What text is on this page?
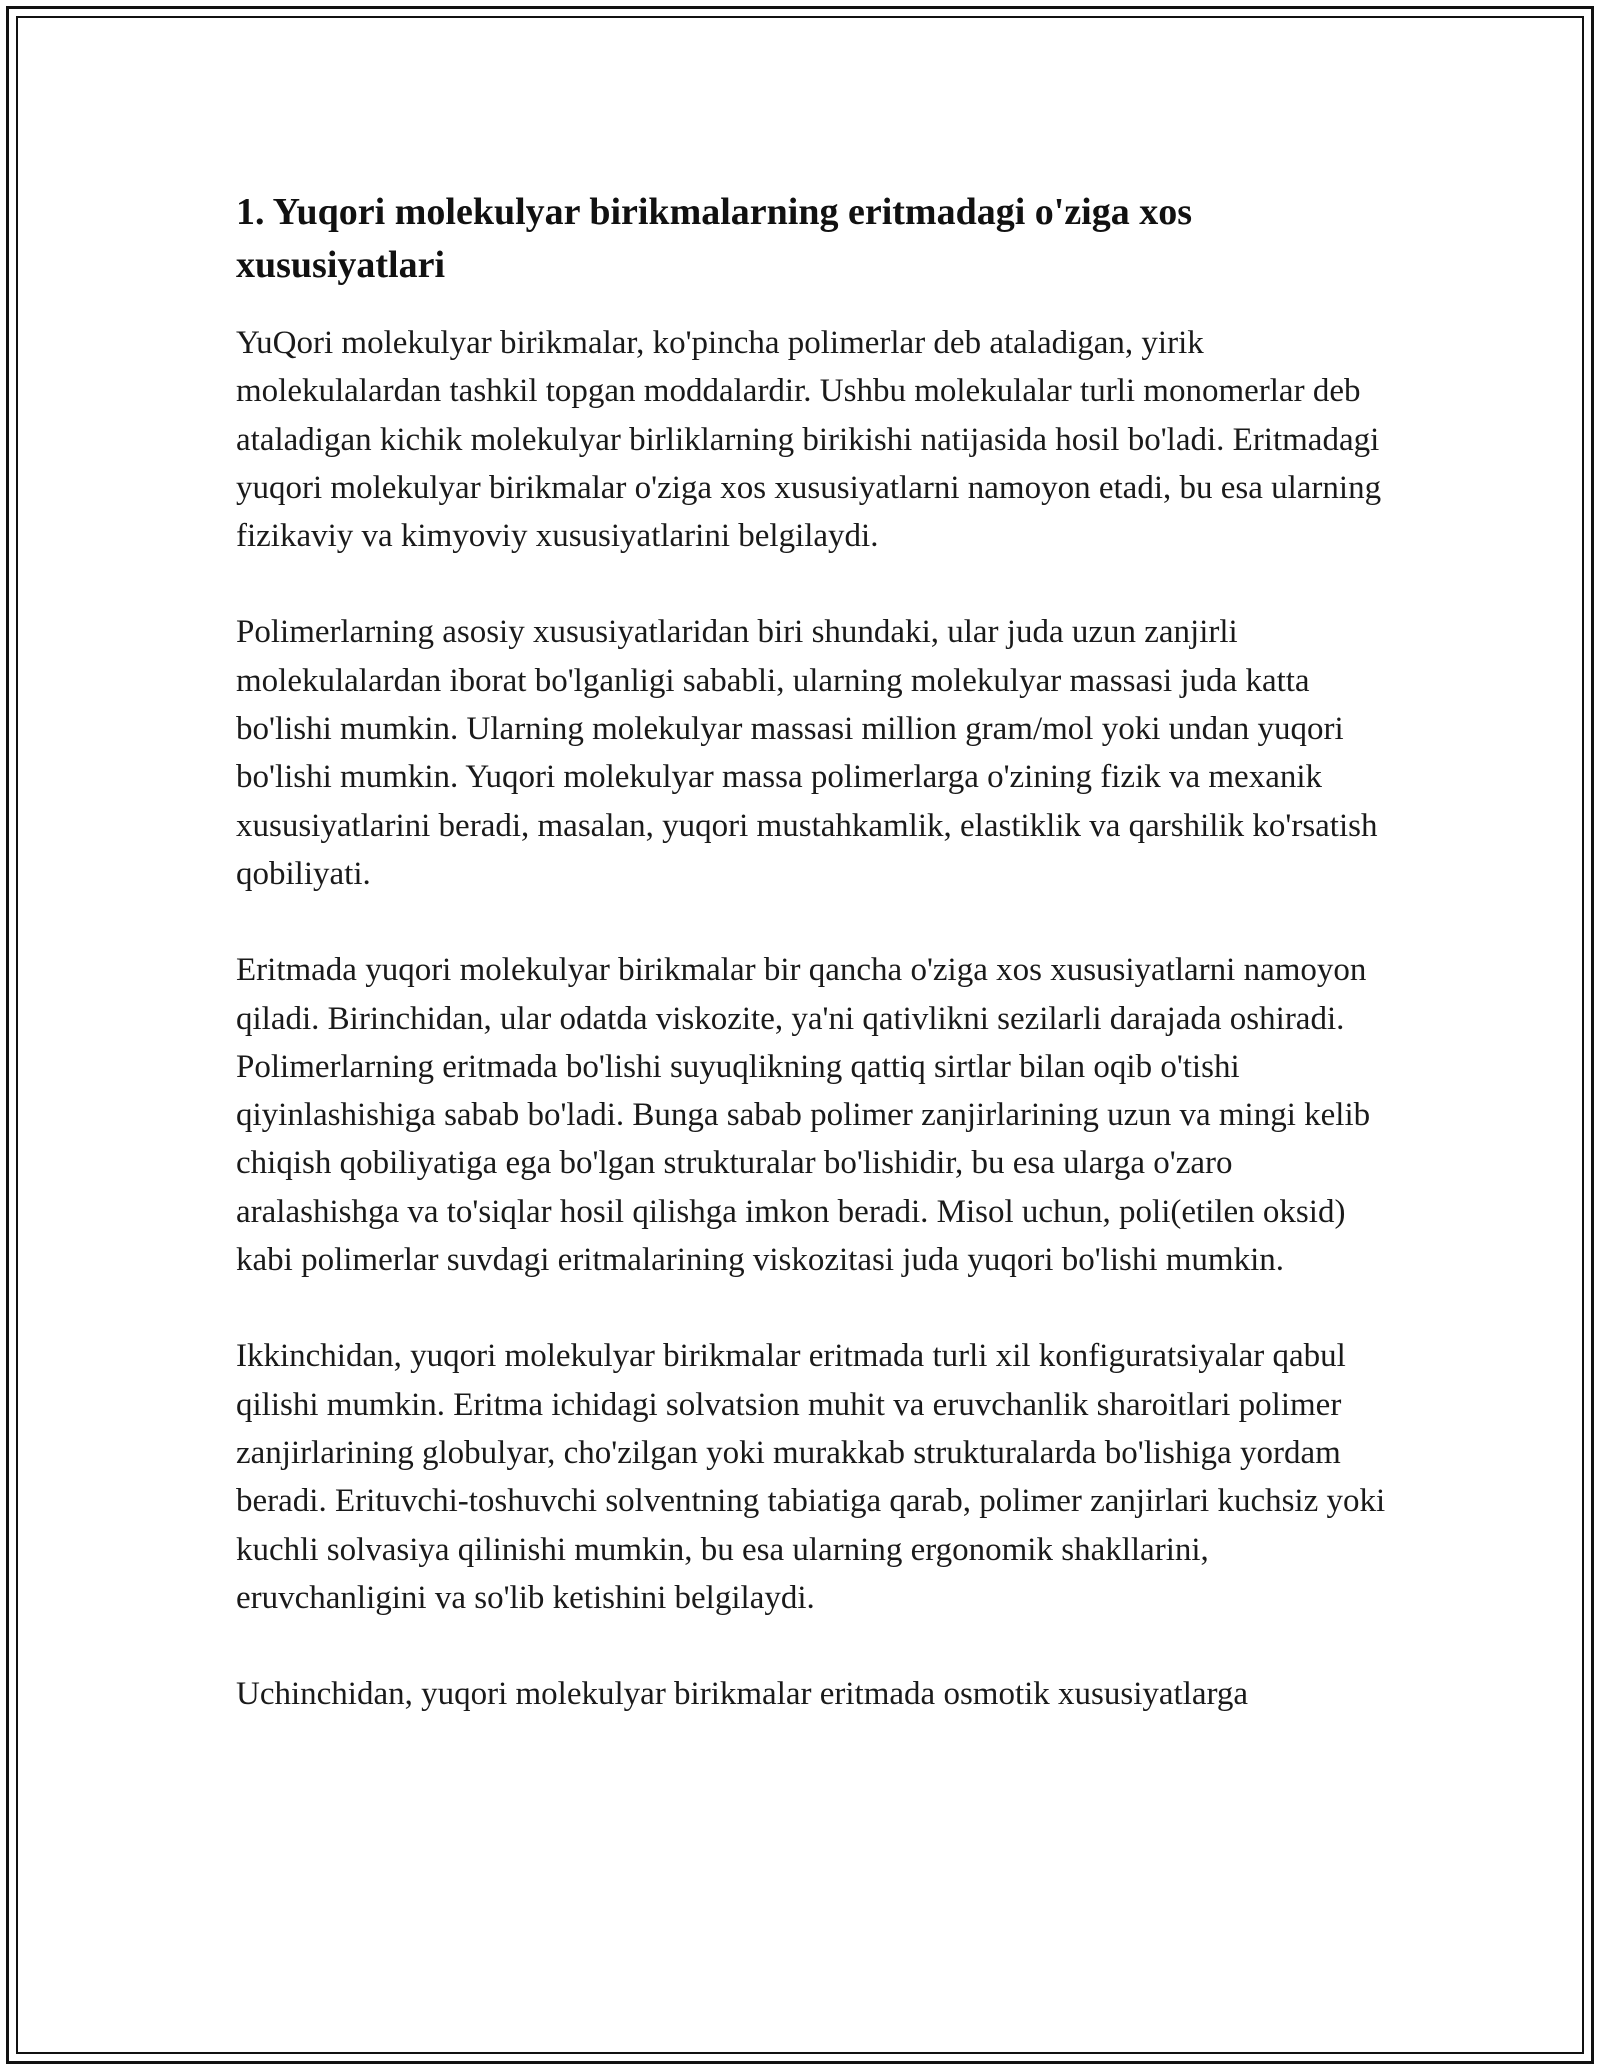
1. Yuqori molekulyar birikmalarning eritmadagi o'ziga xos xususiyatlari

YuQori molekulyar birikmalar, ko'pincha polimerlar deb ataladigan, yirik molekulalardan tashkil topgan moddalardir. Ushbu molekulalar turli monomerlar deb ataladigan kichik molekulyar birliklarning birikishi natijasida hosil bo'ladi. Eritmadagi yuqori molekulyar birikmalar o'ziga xos xususiyatlarni namoyon etadi, bu esa ularning fizikaviy va kimyoviy xususiyatlarini belgilaydi.

Polimerlarning asosiy xususiyatlaridan biri shundaki, ular juda uzun zanjirli molekulalardan iborat bo'lganligi sababli, ularning molekulyar massasi juda katta bo'lishi mumkin. Ularning molekulyar massasi million gram/mol yoki undan yuqori bo'lishi mumkin. Yuqori molekulyar massa polimerlarga o'zining fizik va mexanik xususiyatlarini beradi, masalan, yuqori mustahkamlik, elastiklik va qarshilik ko'rsatish qobiliyati.

Eritmada yuqori molekulyar birikmalar bir qancha o'ziga xos xususiyatlarni namoyon qiladi. Birinchidan, ular odatda viskozite, ya'ni qativlikni sezilarli darajada oshiradi. Polimerlarning eritmada bo'lishi suyuqlikning qattiq sirtlar bilan oqib o'tishi qiyinlashishiga sabab bo'ladi. Bunga sabab polimer zanjirlarining uzun va mingi kelib chiqish qobiliyatiga ega bo'lgan strukturalar bo'lishidir, bu esa ularga o'zaro aralashishga va to'siqlar hosil qilishga imkon beradi. Misol uchun, poli(etilen oksid) kabi polimerlar suvdagi eritmalarining viskozitasi juda yuqori bo'lishi mumkin.

Ikkinchidan, yuqori molekulyar birikmalar eritmada turli xil konfiguratsiyalar qabul qilishi mumkin. Eritma ichidagi solvatsion muhit va eruvchanlik sharoitlari polimer zanjirlarining globulyar, cho'zilgan yoki murakkab strukturalarda bo'lishiga yordam beradi. Erituvchi-toshuvchi solventning tabiatiga qarab, polimer zanjirlari kuchsiz yoki kuchli solvasiya qilinishi mumkin, bu esa ularning ergonomik shakllarini, eruvchanligini va so'lib ketishini belgilaydi.

Uchinchidan, yuqori molekulyar birikmalar eritmada osmotik xususiyatlarga
